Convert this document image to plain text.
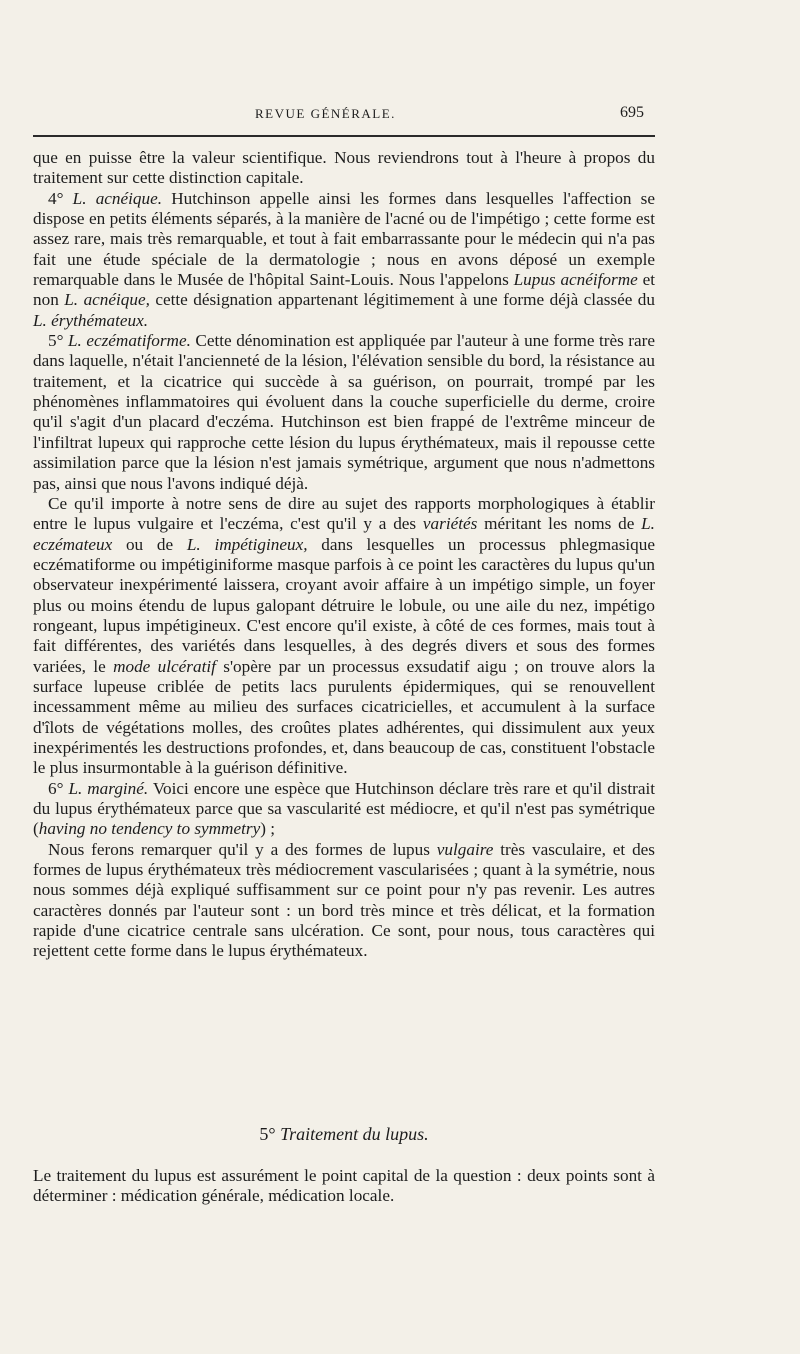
REVUE GÉNÉRALE.	695

que en puisse être la valeur scientifique. Nous reviendrons tout à l'heure à propos du traitement sur cette distinction capitale.

4° L. acnéique. Hutchinson appelle ainsi les formes dans lesquelles l'affection se dispose en petits éléments séparés, à la manière de l'acné ou de l'impétigo ; cette forme est assez rare, mais très remarquable, et tout à fait embarrassante pour le médecin qui n'a pas fait une étude spéciale de la dermatologie ; nous en avons déposé un exemple remarquable dans le Musée de l'hôpital Saint-Louis. Nous l'appelons Lupus acnéiforme et non L. acnéique, cette désignation appartenant légitimement à une forme déjà classée du L. érythémateux.

5° L. eczématiforme. Cette dénomination est appliquée par l'auteur à une forme très rare dans laquelle, n'était l'ancienneté de la lésion, l'élévation sensible du bord, la résistance au traitement, et la cicatrice qui succède à sa guérison, on pourrait, trompé par les phénomènes inflammatoires qui évoluent dans la couche superficielle du derme, croire qu'il s'agit d'un placard d'eczéma. Hutchinson est bien frappé de l'extrême minceur de l'infiltrat lupeux qui rapproche cette lésion du lupus érythémateux, mais il repousse cette assimilation parce que la lésion n'est jamais symétrique, argument que nous n'admettons pas, ainsi que nous l'avons indiqué déjà.

Ce qu'il importe à notre sens de dire au sujet des rapports morphologiques à établir entre le lupus vulgaire et l'eczéma, c'est qu'il y a des variétés méritant les noms de L. eczémateux ou de L. impétigineux, dans lesquelles un processus phlegmasique eczématiforme ou impétiginiforme masque parfois à ce point les caractères du lupus qu'un observateur inexpérimenté laissera, croyant avoir affaire à un impétigo simple, un foyer plus ou moins étendu de lupus galopant détruire le lobule, ou une aile du nez, impétigo rongeant, lupus impétigineux. C'est encore qu'il existe, à côté de ces formes, mais tout à fait différentes, des variétés dans lesquelles, à des degrés divers et sous des formes variées, le mode ulcératif s'opère par un processus exsudatif aigu ; on trouve alors la surface lupeuse criblée de petits lacs purulents épidermiques, qui se renouvellent incessamment même au milieu des surfaces cicatricielles, et accumulent à la surface d'îlots de végétations molles, des croûtes plates adhérentes, qui dissimulent aux yeux inexpérimentés les destructions profondes, et, dans beaucoup de cas, constituent l'obstacle le plus insurmontable à la guérison définitive.

6° L. marginé. Voici encore une espèce que Hutchinson déclare très rare et qu'il distrait du lupus érythémateux parce que sa vascularité est médiocre, et qu'il n'est pas symétrique (having no tendency to symmetry) ;

Nous ferons remarquer qu'il y a des formes de lupus vulgaire très vasculaire, et des formes de lupus érythémateux très médiocrement vascularisées ; quant à la symétrie, nous nous sommes déjà expliqué suffisamment sur ce point pour n'y pas revenir. Les autres caractères donnés par l'auteur sont : un bord très mince et très délicat, et la formation rapide d'une cicatrice centrale sans ulcération. Ce sont, pour nous, tous caractères qui rejettent cette forme dans le lupus érythémateux.

5° Traitement du lupus.
Le traitement du lupus est assurément le point capital de la question : deux points sont à déterminer : médication générale, médication locale.
